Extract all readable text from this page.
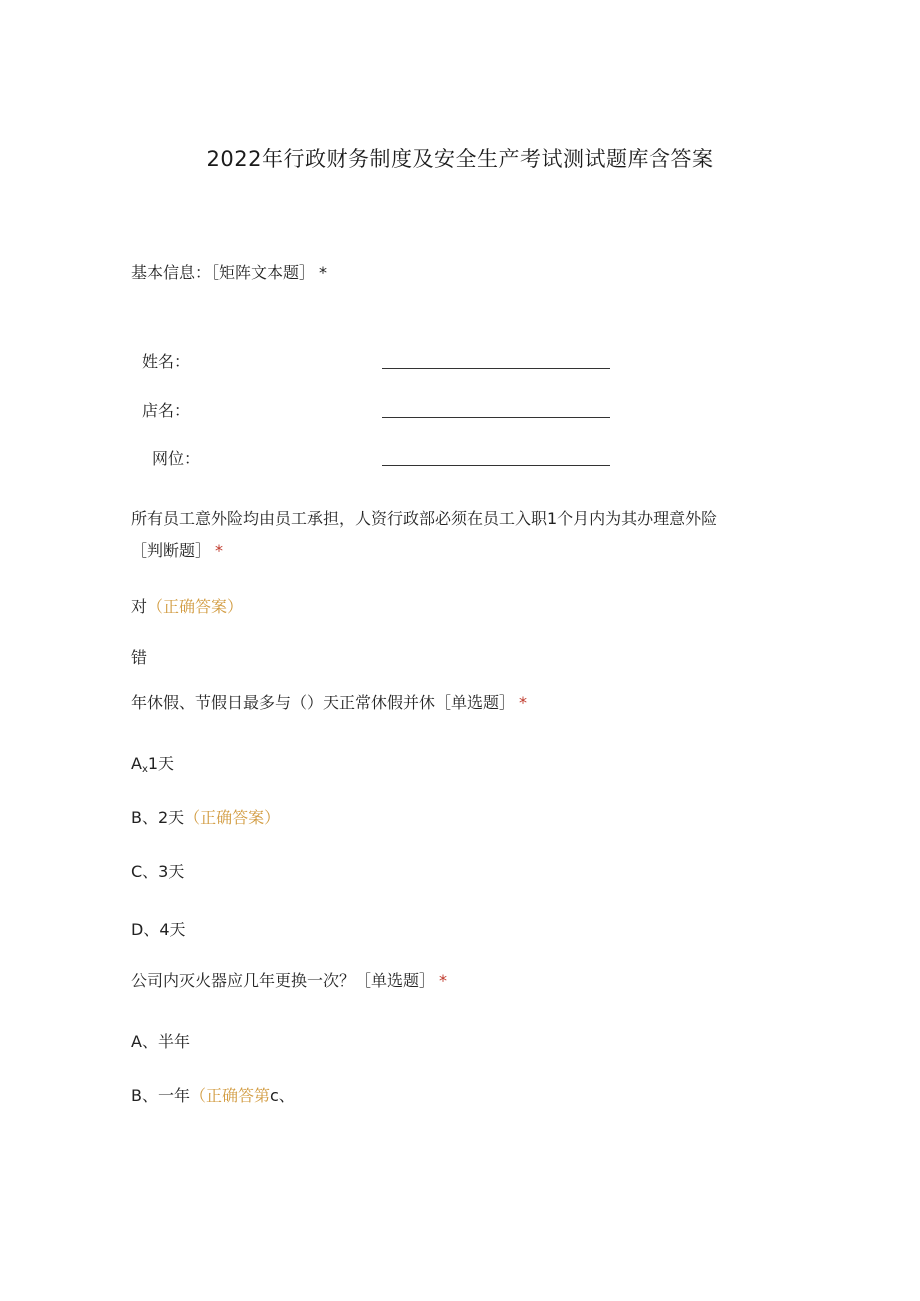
2022年行政财务制度及安全生产考试测试题库含答案
基本信息：［矩阵文本题］ *
姓名：
店名：
网位：
所有员工意外险均由员工承担，人资行政部必须在员工入职1个月内为其办理意外险
［判断题］ *
对（正确答案）
错
年休假、节假日最多与（）天正常休假并休［单选题］ *
$A_x1$天
B、2天（正确答案）
C、3天
D、4天
公司内灭火器应几年更换一次？［单选题］ *
A、半年
B、一年（正确答第c、
